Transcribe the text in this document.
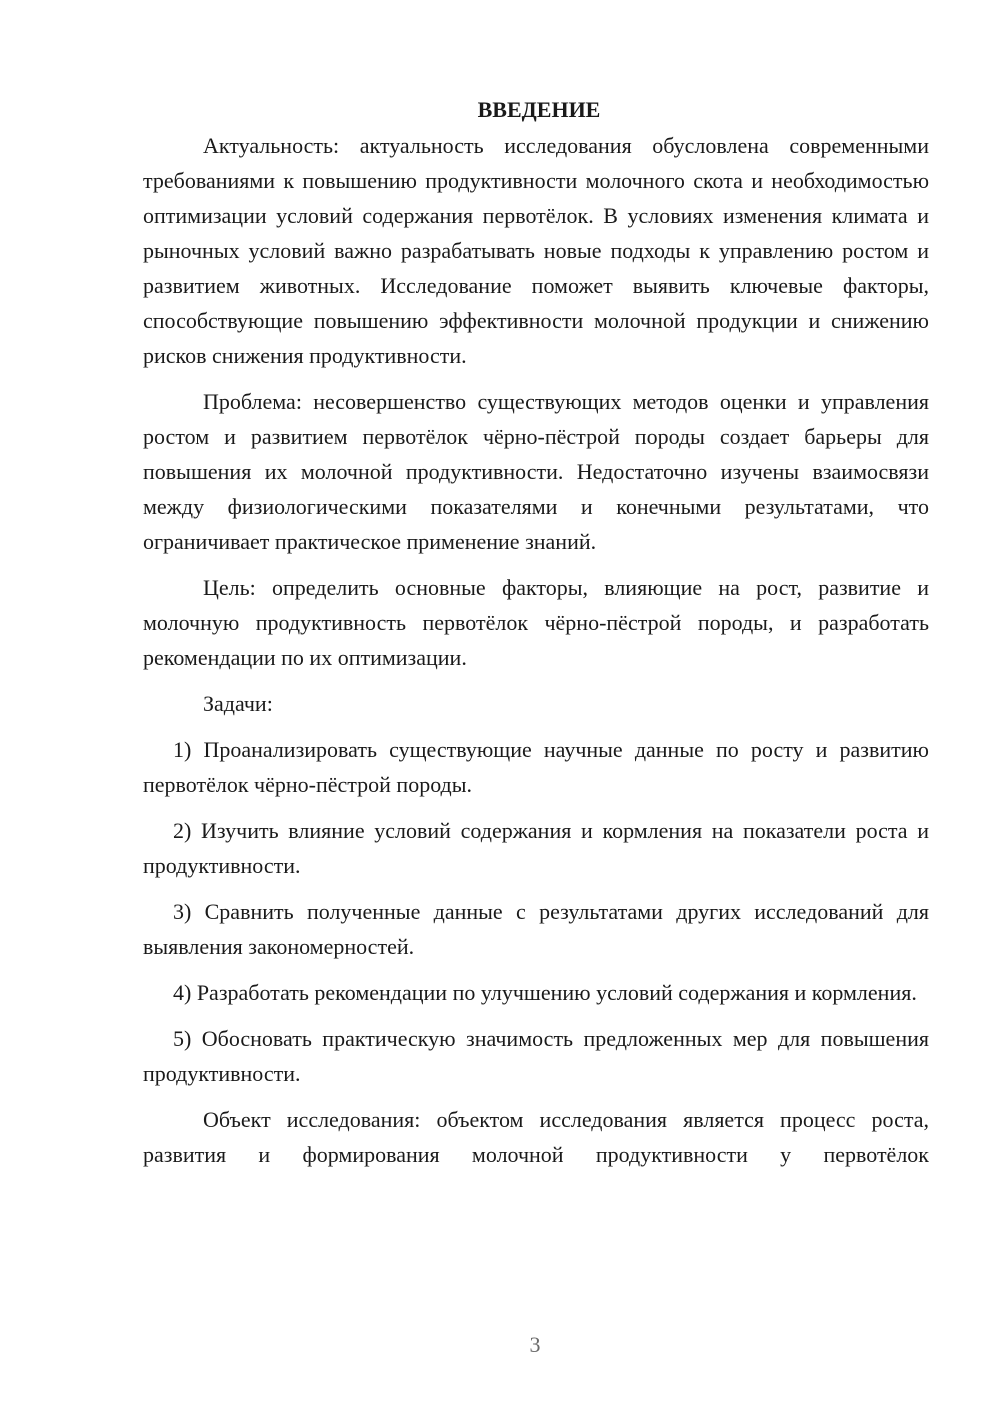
ВВЕДЕНИЕ

Актуальность: актуальность исследования обусловлена современными требованиями к повышению продуктивности молочного скота и необходимостью оптимизации условий содержания первотёлок. В условиях изменения климата и рыночных условий важно разрабатывать новые подходы к управлению ростом и развитием животных. Исследование поможет выявить ключевые факторы, способствующие повышению эффективности молочной продукции и снижению рисков снижения продуктивности.

Проблема: несовершенство существующих методов оценки и управления ростом и развитием первотёлок чёрно-пёстрой породы создает барьеры для повышения их молочной продуктивности. Недостаточно изучены взаимосвязи между физиологическими показателями и конечными результатами, что ограничивает практическое применение знаний.

Цель: определить основные факторы, влияющие на рост, развитие и молочную продуктивность первотёлок чёрно-пёстрой породы, и разработать рекомендации по их оптимизации.

Задачи:

1) Проанализировать существующие научные данные по росту и развитию первотёлок чёрно-пёстрой породы.

2) Изучить влияние условий содержания и кормления на показатели роста и продуктивности.

3) Сравнить полученные данные с результатами других исследований для выявления закономерностей.

4) Разработать рекомендации по улучшению условий содержания и кормления.

5) Обосновать практическую значимость предложенных мер для повышения продуктивности.

Объект исследования: объектом исследования является процесс роста, развития и формирования молочной продуктивности у первотёлок

3
